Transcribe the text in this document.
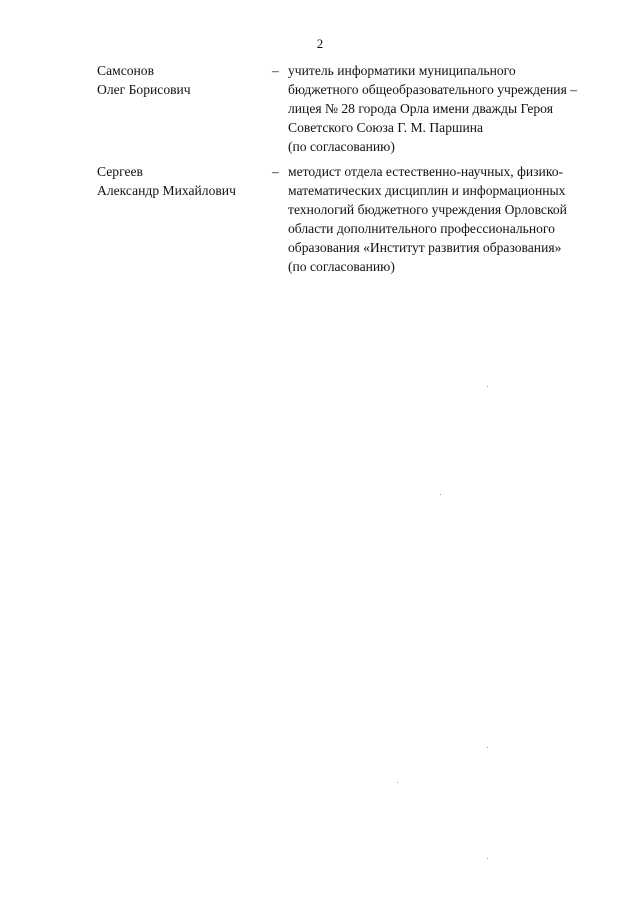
2
Самсонов
Олег Борисович
– учитель информатики муниципального
бюджетного общеобразовательного учреждения –
лицея № 28 города Орла имени дважды Героя
Советского Союза Г. М. Паршина
(по согласованию)
Сергеев
Александр Михайлович
– методист отдела естественно-научных, физико-
математических дисциплин и информационных
технологий бюджетного учреждения Орловской
области дополнительного профессионального
образования «Институт развития образования»
(по согласованию)
